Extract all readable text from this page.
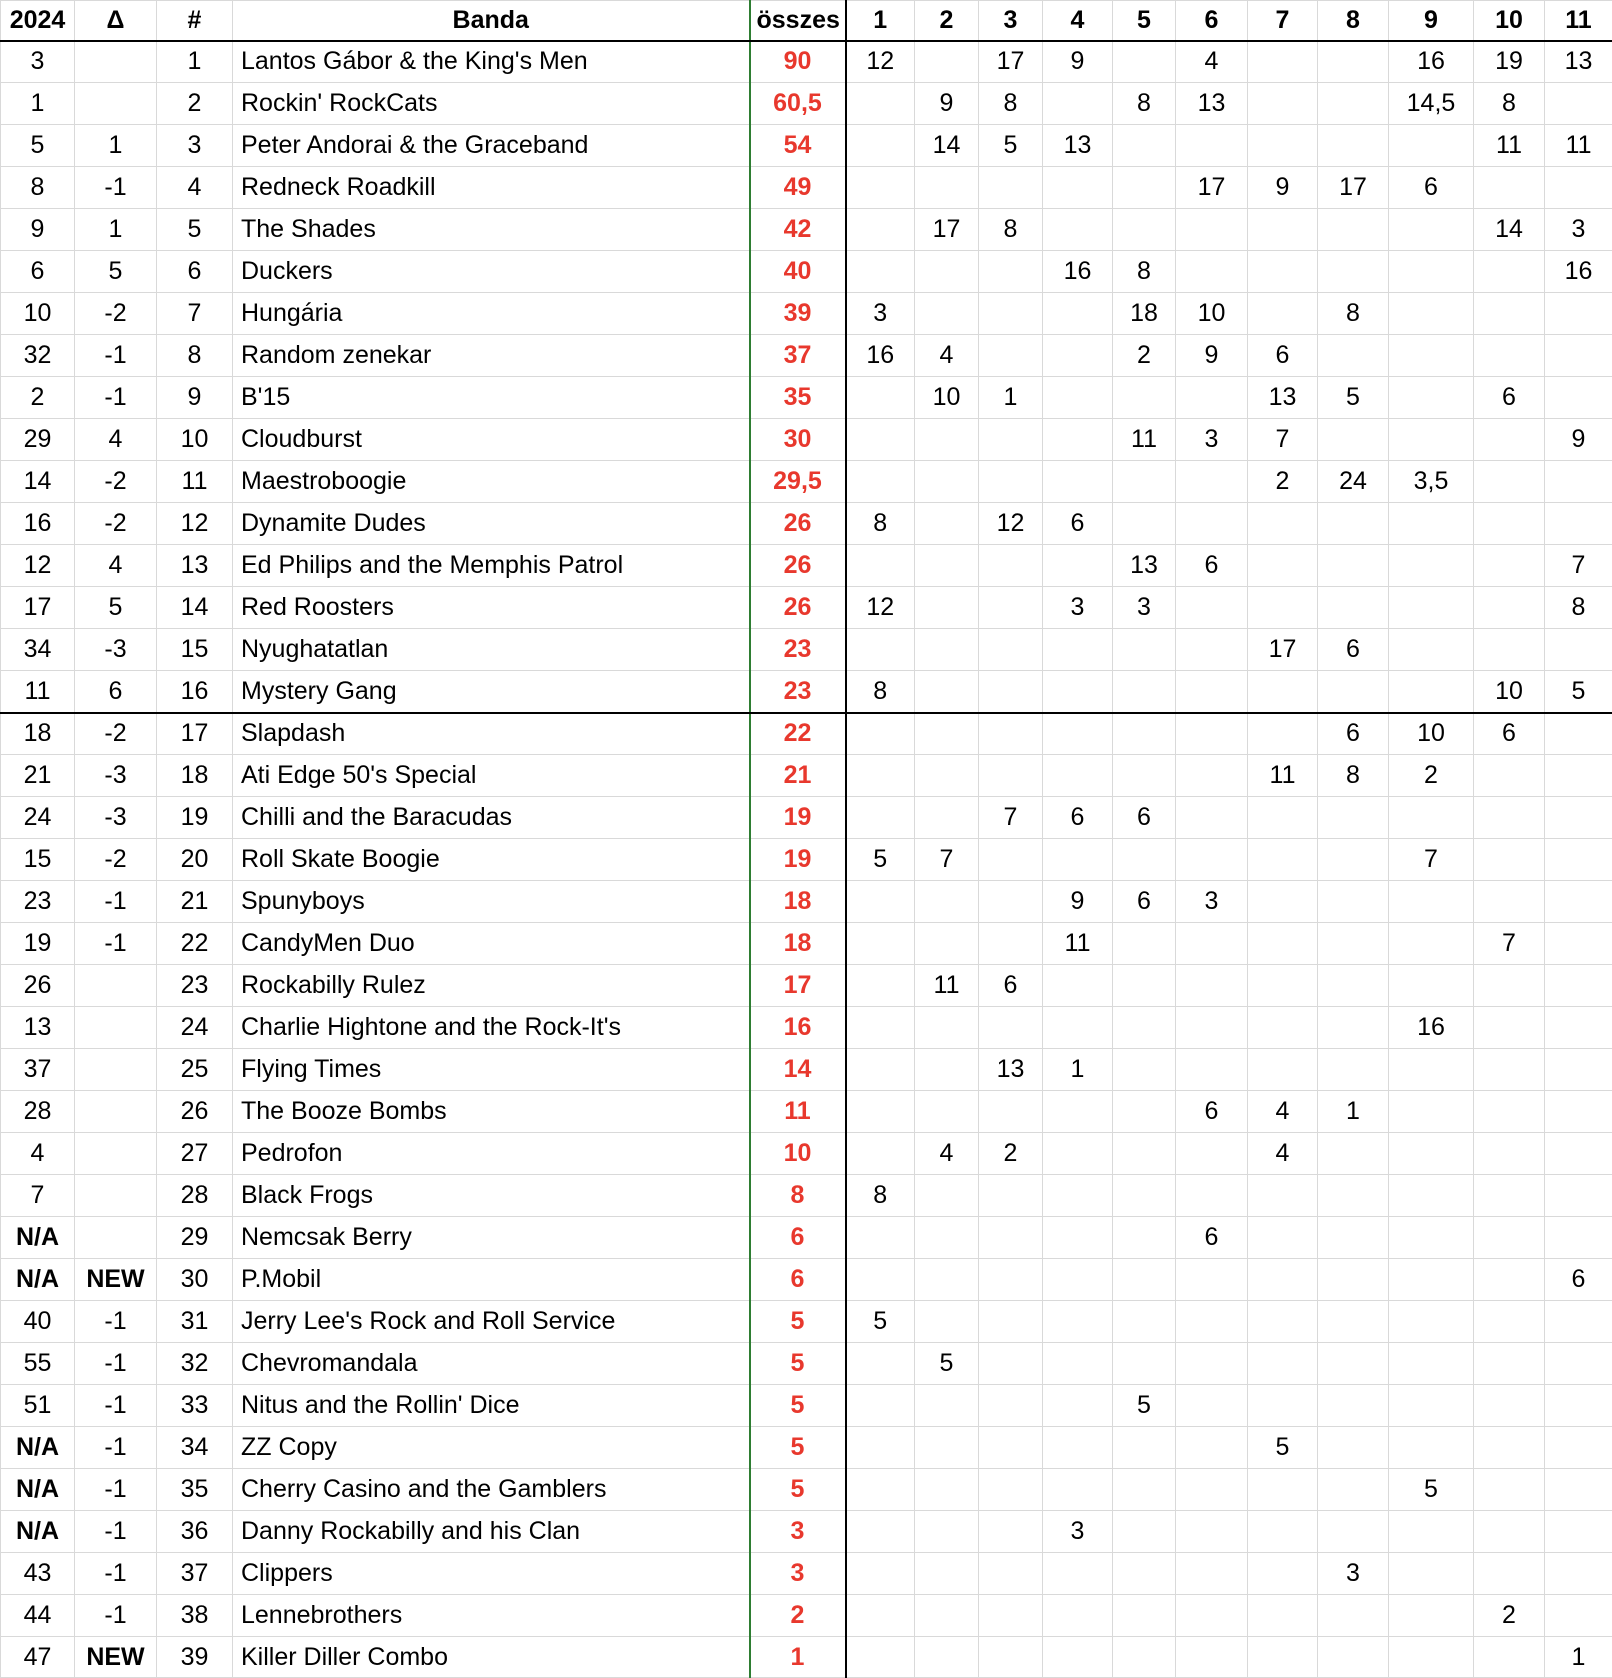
2024	Δ	#	Banda	összes	1	2	3	4	5	6	7	8	9	10	11
3		1	Lantos Gábor & the King's Men	90	12		17	9		4			16	19	13
1		2	Rockin' RockCats	60,5		9	8		8	13			14,5	8	
5	1	3	Peter Andorai & the Graceband	54		14	5	13						11	11
8	-1	4	Redneck Roadkill	49						17	9	17	6		
9	1	5	The Shades	42		17	8							14	3
6	5	6	Duckers	40				16	8						16
10	-2	7	Hungária	39	3				18	10		8			
32	-1	8	Random zenekar	37	16	4			2	9	6				
2	-1	9	B'15	35		10	1				13	5		6	
29	4	10	Cloudburst	30					11	3	7				9
14	-2	11	Maestroboogie	29,5							2	24	3,5		
16	-2	12	Dynamite Dudes	26	8		12	6							
12	4	13	Ed Philips and the Memphis Patrol	26					13	6					7
17	5	14	Red Roosters	26	12			3	3						8
34	-3	15	Nyughatatlan	23							17	6			
11	6	16	Mystery Gang	23	8									10	5
18	-2	17	Slapdash	22								6	10	6	
21	-3	18	Ati Edge 50's Special	21							11	8	2		
24	-3	19	Chilli and the Baracudas	19			7	6	6						
15	-2	20	Roll Skate Boogie	19	5	7							7		
23	-1	21	Spunyboys	18				9	6	3					
19	-1	22	CandyMen Duo	18				11						7	
26		23	Rockabilly Rulez	17		11	6								
13		24	Charlie Hightone and the Rock-It's	16									16		
37		25	Flying Times	14			13	1							
28		26	The Booze Bombs	11						6	4	1			
4		27	Pedrofon	10		4	2				4				
7		28	Black Frogs	8	8										
N/A		29	Nemcsak Berry	6						6					
N/A	NEW	30	P.Mobil	6											6
40	-1	31	Jerry Lee's Rock and Roll Service	5	5										
55	-1	32	Chevromandala	5		5									
51	-1	33	Nitus and the Rollin' Dice	5					5						
N/A	-1	34	ZZ Copy	5							5				
N/A	-1	35	Cherry Casino and the Gamblers	5									5		
N/A	-1	36	Danny Rockabilly and his Clan	3				3							
43	-1	37	Clippers	3								3			
44	-1	38	Lennebrothers	2										2	
47	NEW	39	Killer Diller Combo	1											1
